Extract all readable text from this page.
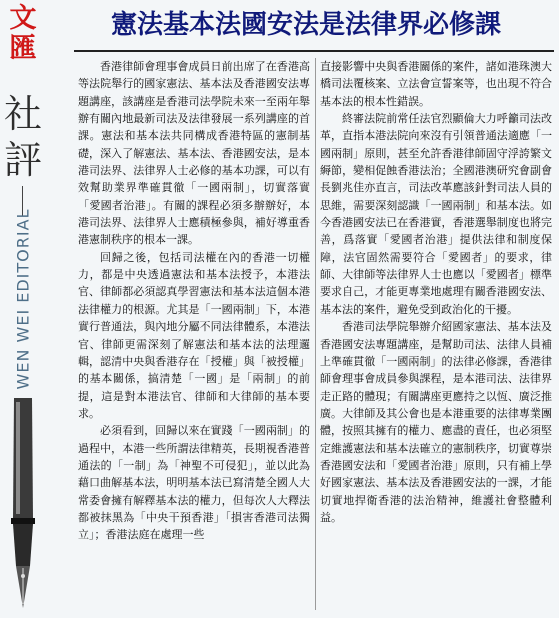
文
匯
社
評
WEN WEI EDITORIAL
憲法基本法國安法是法律界必修課

香港律師會理事會成員日前出席了在香港高等法院舉行的國家憲法、基本法及香港國安法專題講座，該講座是香港司法學院未來一至兩年舉辦有關內地最新司法及法律發展一系列講座的首課。憲法和基本法共同構成香港特區的憲制基礎，深入了解憲法、基本法、香港國安法，是本港司法界、法律界人士必修的基本功課，可以有效幫助業界準確貫徹「一國兩制」，切實落實「愛國者治港」。有關的課程必須多辦辦好，本港司法界、法律界人士應積極參與，補好導重香港憲制秩序的根本一課。

回歸之後，包括司法權在內的香港一切權力，都是中央透過憲法和基本法授予，本港法官、律師都必須認真學習憲法和基本法這個本港法律權力的根源。尤其是「一國兩制」下，本港實行普通法，與內地分屬不同法律體系，本港法官、律師更需深刻了解憲法和基本法的法理邏輯，認清中央與香港存在「授權」與「被授權」的基本關係，搞清楚「一國」是「兩制」的前提，這是對本港法官、律師和大律師的基本要求。

必須看到，回歸以來在實踐「一國兩制」的過程中，本港一些所謂法律精英，長期視香港普通法的「一制」為「神聖不可侵犯」，並以此為藉口曲解基本法，明明基本法已寫清楚全國人大常委會擁有解釋基本法的權力，但每次人大釋法都被抹黑為「中央干預香港」「損害香港司法獨立」；香港法庭在處理一些

直接影響中央與香港關係的案件，諸如港珠澳大橋司法覆核案、立法會宣誓案等，也出現不符合基本法的根本性錯誤。

終審法院前常任法官烈顯倫大力呼籲司法改革，直指本港法院向來沒有引領普通法適應「一國兩制」原則，甚至允許香港律師固守浮誇繁文縟節，變相促蝕香港法治；全國港澳研究會副會長劉兆佳亦直言，司法改革應該針對司法人員的思維，需要深刻認識「一國兩制」和基本法。如今香港國安法已在香港實，香港選舉制度也將完善，爲落實「愛國者治港」提供法律和制度保障，法官固然需要符合「愛國者」的要求，律師、大律師等法律界人士也應以「愛國者」標準要求自己，才能更專業地處理有關香港國安法、基本法的案件，避免受到政治化的干擾。

香港司法學院舉辦介紹國家憲法、基本法及香港國安法專題講座，是幫助司法、法律人員補上準確貫徹「一國兩制」的法律必修課，香港律師會理事會成員參與課程，是本港司法、法律界走正路的體現；有關講座更應持之以恆、廣泛推廣。大律師及其公會也是本港重要的法律專業團體，按照其擁有的權力、應盡的責任，也必須堅定維護憲法和基本法確立的憲制秩序，切實尊崇香港國安法和「愛國者治港」原則，只有補上學好國家憲法、基本法及香港國安法的一課，才能切實地捍衛香港的法治精神，維護社會整體利益。
